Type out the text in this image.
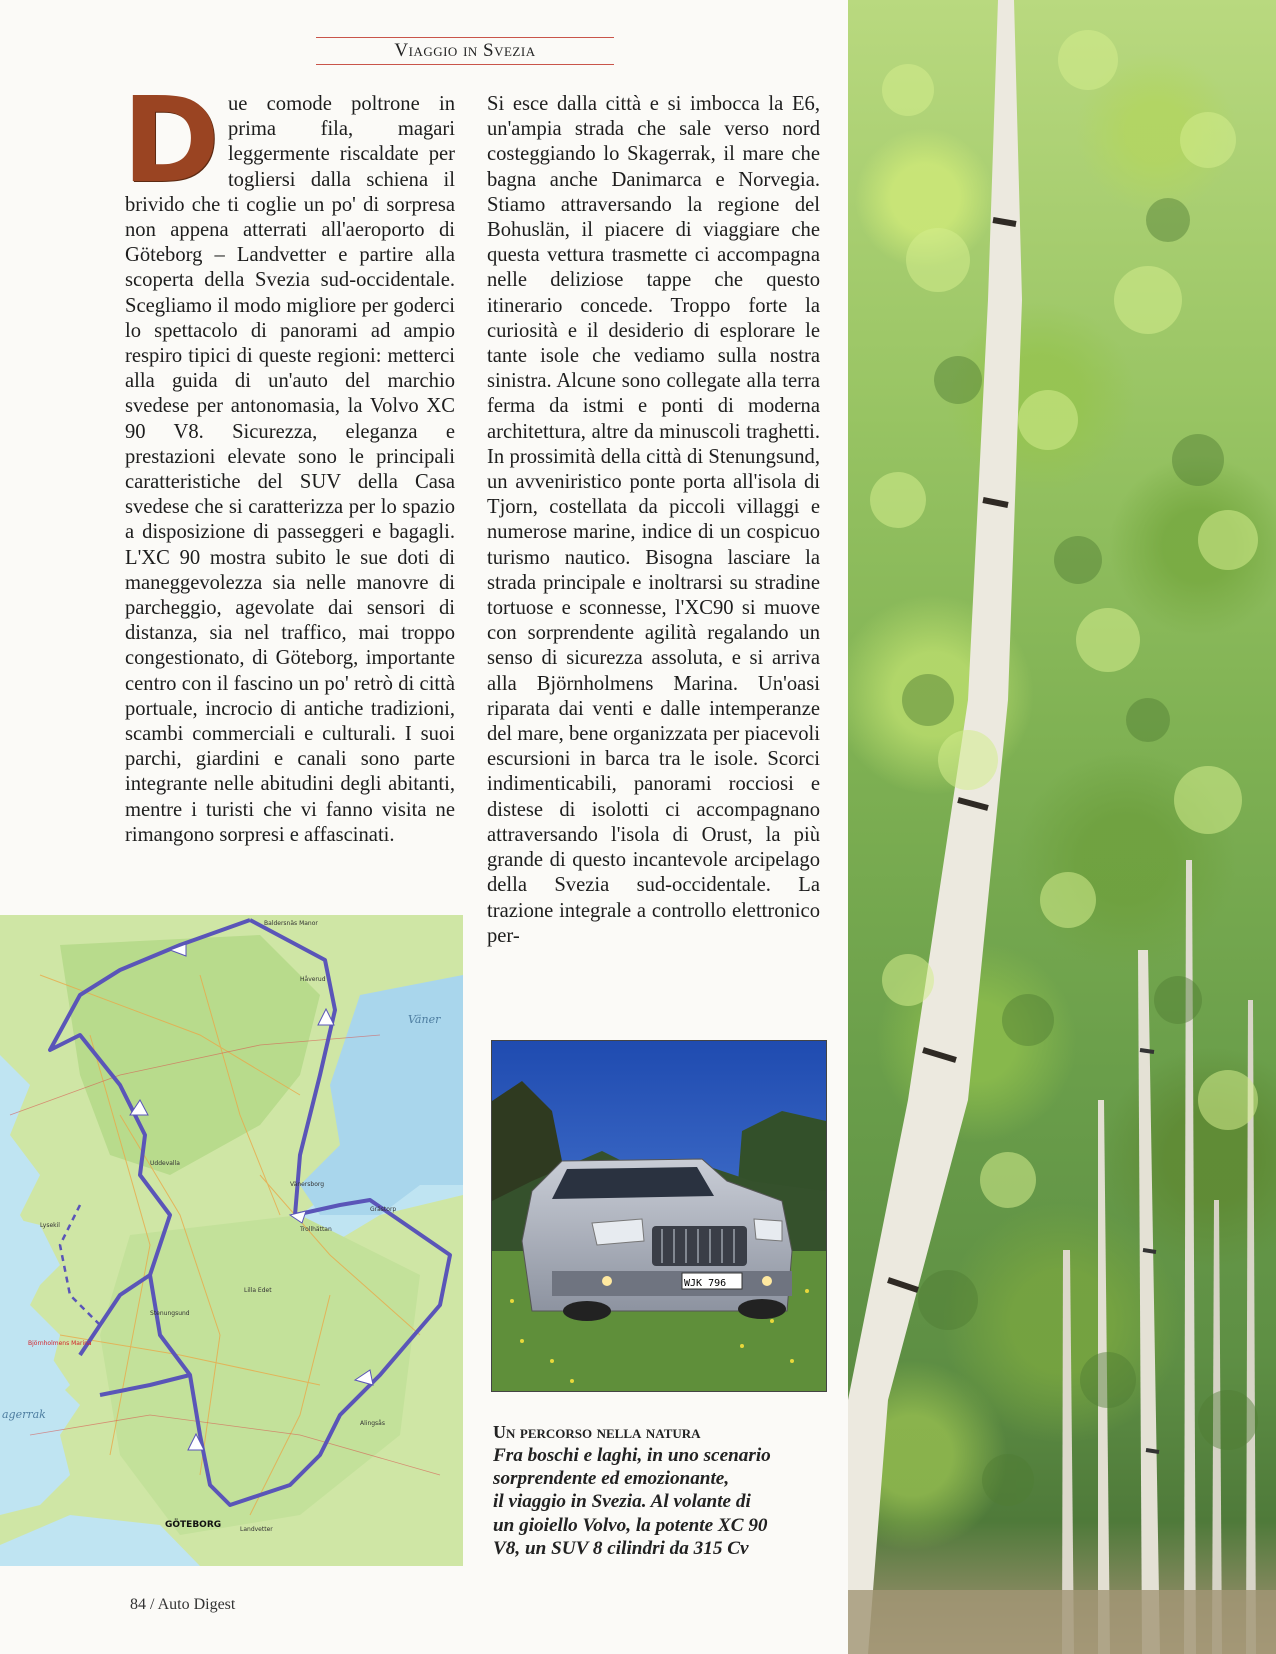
Viaggio in Svezia
D ue comode poltrone in prima fila, magari leggermente riscaldate per togliersi dalla schiena il brivido che ti coglie un po' di sorpresa non appena atterrati all'aeroporto di Göteborg – Landvetter e partire alla scoperta della Svezia sud-occidentale. Scegliamo il modo migliore per goderci lo spettacolo di panorami ad ampio respiro tipici di queste regioni: metterci alla guida di un'auto del marchio svedese per antonomasia, la Volvo XC 90 V8. Sicurezza, eleganza e prestazioni elevate sono le principali caratteristiche del SUV della Casa svedese che si caratterizza per lo spazio a disposizione di passeggeri e bagagli. L'XC 90 mostra subito le sue doti di maneggevolezza sia nelle manovre di parcheggio, agevolate dai sensori di distanza, sia nel traffico, mai troppo congestionato, di Göteborg, importante centro con il fascino un po' retrò di città portuale, incrocio di antiche tradizioni, scambi commerciali e culturali. I suoi parchi, giardini e canali sono parte integrante nelle abitudini degli abitanti, mentre i turisti che vi fanno visita ne rimangono sorpresi e affascinati.
Si esce dalla città e si imbocca la E6, un'ampia strada che sale verso nord costeggiando lo Skagerrak, il mare che bagna anche Danimarca e Norvegia. Stiamo attraversando la regione del Bohuslän, il piacere di viaggiare che questa vettura trasmette ci accompagna nelle deliziose tappe che questo itinerario concede. Troppo forte la curiosità e il desiderio di esplorare le tante isole che vediamo sulla nostra sinistra. Alcune sono collegate alla terra ferma da istmi e ponti di moderna architettura, altre da minuscoli traghetti. In prossimità della città di Stenungsund, un avveniristico ponte porta all'isola di Tjorn, costellata da piccoli villaggi e numerose marine, indice di un cospicuo turismo nautico. Bisogna lasciare la strada principale e inoltrarsi su stradine tortuose e sconnesse, l'XC90 si muove con sorprendente agilità regalando un senso di sicurezza assoluta, e si arriva alla Björnholmens Marina. Un'oasi riparata dai venti e dalle intemperanze del mare, bene organizzata per piacevoli escursioni in barca tra le isole. Scorci indimenticabili, panorami rocciosi e distese di isolotti ci accompagnano attraversando l'isola di Orust, la più grande di questo incantevole arcipelago della Svezia sud-occidentale. La trazione integrale a controllo elettronico per-
Baldersnäs Manor
Håverud
Väner
Uddevalla
Vänersborg
Trollhättan
Grästorp
Lysekil
Lilla Edet
Stenungsund
Björnholmens Marina
Alingsås
agerrak
GÖTEBORG	Landvetter
WJK 796
Un percorso nella natura
Fra boschi e laghi, in uno scenario
sorprendente ed emozionante,
il viaggio in Svezia. Al volante di
un gioiello Volvo, la potente XC 90
V8, un SUV 8 cilindri da 315 Cv
84 / Auto Digest
